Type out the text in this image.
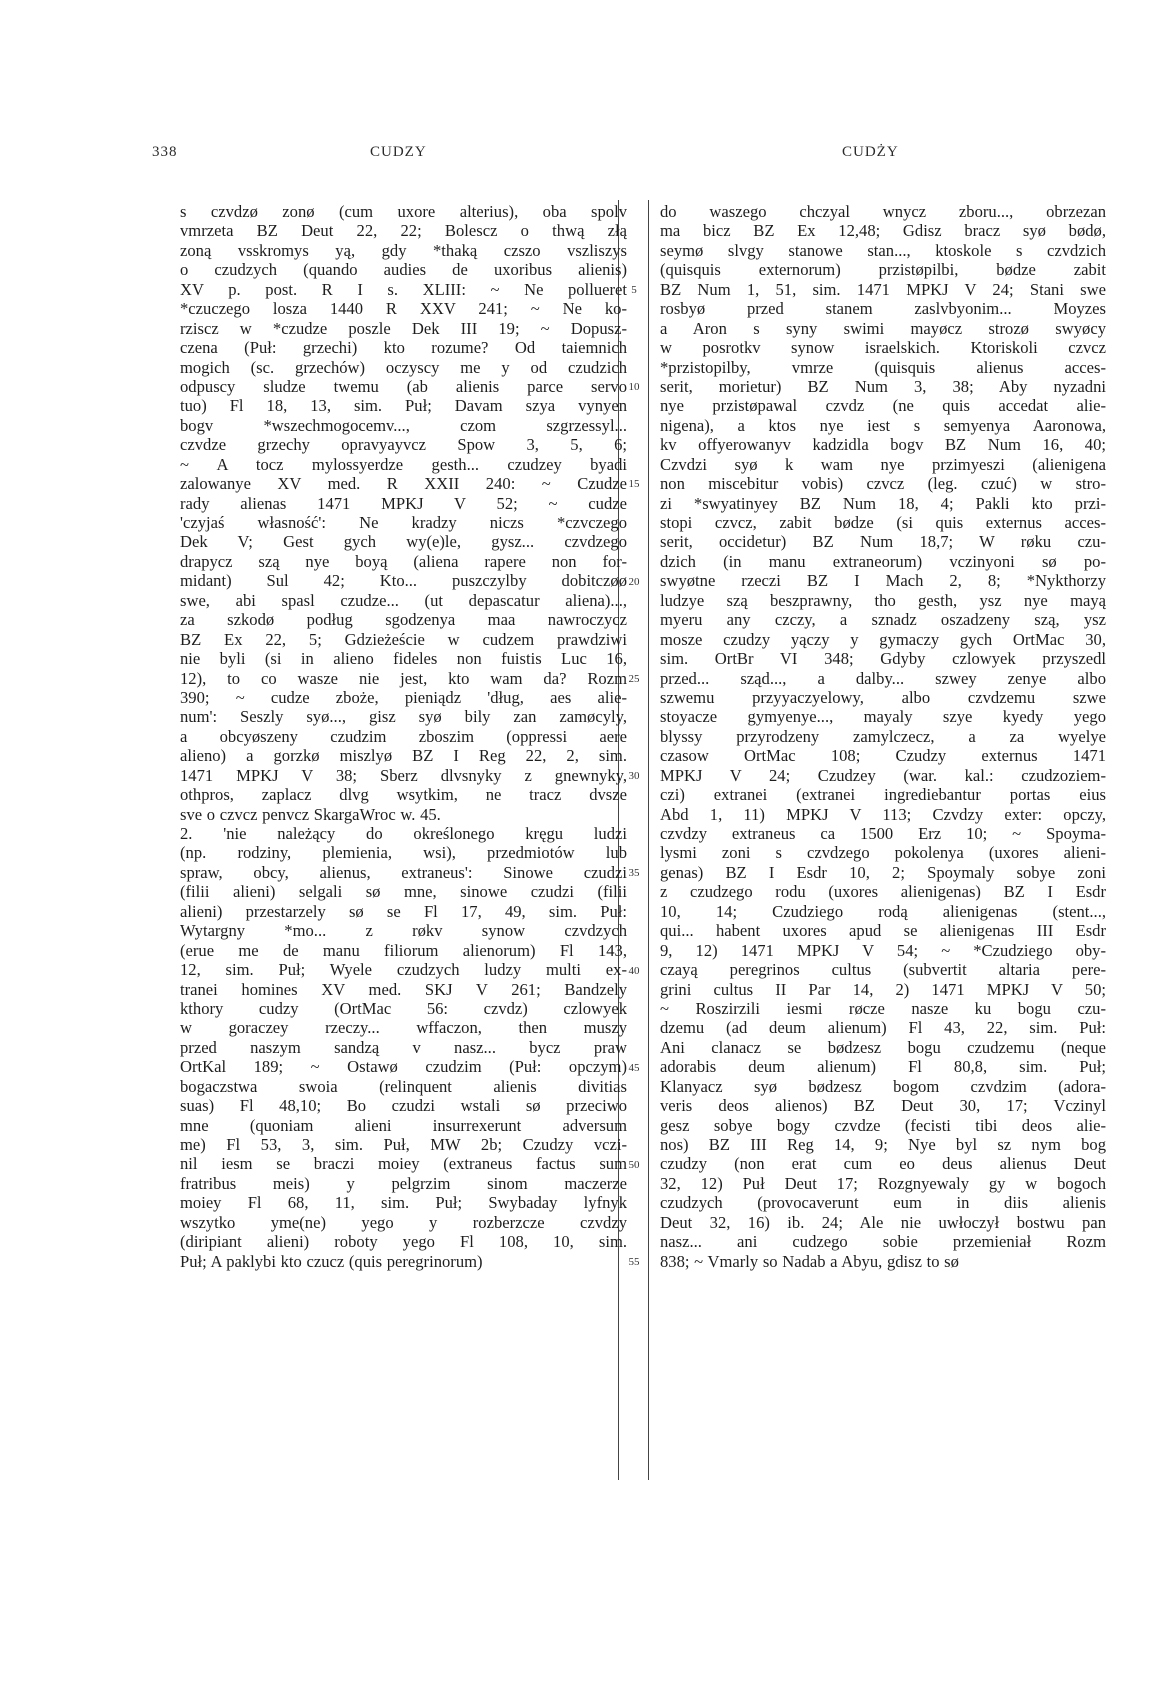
338	CUDZY	CUDŻY
5
10
15
20
25
30
35
40
45
50
55
s czvdzø zonø (cum uxore alterius), oba spolv
vmrzeta BZ Deut 22, 22; Bolescz o thwą złą
zoną vsskromys yą, gdy *thaką czszo vszliszys
o czudzych (quando audies de uxoribus alienis)
XV p. post. R I s. XLIII: ~ Ne pollueret
*czuczego losza 1440 R XXV 241; ~ Ne ko-
rziscz w *czudze poszle Dek III 19; ~ Dopusz-
czena (Puł: grzechi) kto rozume? Od taiemnich
mogich (sc. grzechów) oczyscy me y od czudzich
odpuscy sludze twemu (ab alienis parce servo
tuo) Fl 18, 13, sim. Puł; Davam szya vynyen
bogv *wszechmogocemv..., czom szgrzessyl...
czvdze grzechy opravyayvcz Spow 3, 5, 6;
~ A tocz mylossyerdze gesth... czudzey byadi
zalowanye XV med. R XXII 240: ~ Czudze
rady alienas 1471 MPKJ V 52; ~ cudze
'czyjaś własność': Ne kradzy niczs *czvczego
Dek V; Gest gych wy(e)le, gysz... czvdzego
drapycz szą nye boyą (aliena rapere non for-
midant) Sul 42; Kto... puszczylby dobitczøø
swe, abi spasl czudze... (ut depascatur aliena)...,
za szkodø podług sgodzenya maa nawroczycz
BZ Ex 22, 5; Gdzieżeście w cudzem prawdziwi
nie byli (si in alieno fideles non fuistis Luc 16,
12), to co wasze nie jest, kto wam da? Rozm
390; ~ cudze zboże, pieniądz 'dług, aes alie-
num': Seszly syø..., gisz syø bily zan zamøcyly,
a obcyøszeny czudzim zboszim (oppressi aere
alieno) a gorzkø miszlyø BZ I Reg 22, 2, sim.
1471 MPKJ V 38; Sberz dlvsnyky z gnewnyky,
othpros, zaplacz dlvg wsytkim, ne tracz dvsze
sve o czvcz penvcz SkargaWroc w. 45.
2. 'nie należący do określonego kręgu ludzi
(np. rodziny, plemienia, wsi), przedmiotów lub
spraw, obcy, alienus, extraneus': Sinowe czudzi
(filii alieni) selgali sø mne, sinowe czudzi (filii
alieni) przestarzely sø se Fl 17, 49, sim. Puł:
Wytargny *mo... z røkv synow czvdzych
(erue me de manu filiorum alienorum) Fl 143,
12, sim. Puł; Wyele czudzych ludzy multi ex-
tranei homines XV med. SKJ V 261; Bandzely
kthory cudzy (OrtMac 56: czvdz) czlowyek
w goraczey rzeczy... wffaczon, then muszy
przed naszym sandzą v nasz... bycz praw
OrtKal 189; ~ Ostawø czudzim (Puł: opczym)
bogaczstwa swoia (relinquent alienis divitias
suas) Fl 48,10; Bo czudzi wstali sø przeciwo
mne (quoniam alieni insurrexerunt adversum
me) Fl 53, 3, sim. Puł, MW 2b; Czudzy vczi-
nil iesm se braczi moiey (extraneus factus sum
fratribus meis) y pelgrzim sinom maczerze
moiey Fl 68, 11, sim. Puł; Swybaday lyfnyk
wszytko yme(ne) yego y rozberzcze czvdzy
(diripiant alieni) roboty yego Fl 108, 10, sim.
Puł; A paklybi kto czucz (quis peregrinorum)
do waszego chczyal wnycz zboru..., obrzezan
ma bicz BZ Ex 12,48; Gdisz bracz syø bødø,
seymø slvgy stanowe stan..., ktoskole s czvdzich
(quisquis externorum) przistøpilbi, bødze zabit
BZ Num 1, 51, sim. 1471 MPKJ V 24; Stani swe
rosbyø przed stanem zaslvbyonim... Moyzes
a Aron s syny swimi mayøcz strozø swyøcy
w posrotkv synow israelskich. Ktoriskoli czvcz
*przistopilby, vmrze (quisquis alienus acces-
serit, morietur) BZ Num 3, 38; Aby nyzadni
nye przistøpawal czvdz (ne quis accedat alie-
nigena), a ktos nye iest s semyenya Aaronowa,
kv offyerowanyv kadzidla bogv BZ Num 16, 40;
Czvdzi syø k wam nye przimyeszi (alienigena
non miscebitur vobis) czvcz (leg. czuć) w stro-
zi *swyatinyey BZ Num 18, 4; Pakli kto przi-
stopi czvcz, zabit bødze (si quis externus acces-
serit, occidetur) BZ Num 18,7; W røku czu-
dzich (in manu extraneorum) vczinyoni sø po-
swyøtne rzeczi BZ I Mach 2, 8; *Nykthorzy
ludzye szą beszprawny, tho gesth, ysz nye mayą
myeru any czczy, a sznadz oszadzeny szą, ysz
mosze czudzy yączy y gymaczy gych OrtMac 30,
sim. OrtBr VI 348; Gdyby czlowyek przyszedl
przed... sząd..., a dalby... szwey zenye albo
szwemu przyyaczyelowy, albo czvdzemu szwe
stoyacze gymyenye..., mayaly szye kyedy yego
blyssy przyrodzeny zamylczecz, a za wyelye
czasow OrtMac 108; Czudzy externus 1471
MPKJ V 24; Czudzey (war. kal.: czudzoziem-
czi) extranei (extranei ingrediebantur portas eius
Abd 1, 11) MPKJ V 113; Czvdzy exter: opczy,
czvdzy extraneus ca 1500 Erz 10; ~ Spoyma-
lysmi zoni s czvdzego pokolenya (uxores alieni-
genas) BZ I Esdr 10, 2; Spoymaly sobye zoni
z czudzego rodu (uxores alienigenas) BZ I Esdr
10, 14; Czudziego rodą alienigenas (stent...,
qui... habent uxores apud se alienigenas III Esdr
9, 12) 1471 MPKJ V 54; ~ *Czudziego oby-
czayą peregrinos cultus (subvertit altaria pere-
grini cultus II Par 14, 2) 1471 MPKJ V 50;
~ Roszirzili iesmi røcze nasze ku bogu czu-
dzemu (ad deum alienum) Fl 43, 22, sim. Puł:
Ani clanacz se bødzesz bogu czudzemu (neque
adorabis deum alienum) Fl 80,8, sim. Puł;
Klanyacz syø bødzesz bogom czvdzim (adora-
veris deos alienos) BZ Deut 30, 17; Vczinyl
gesz sobye bogy czvdze (fecisti tibi deos alie-
nos) BZ III Reg 14, 9; Nye byl sz nym bog
czudzy (non erat cum eo deus alienus Deut
32, 12) Puł Deut 17; Rozgnyewaly gy w bogoch
czudzych (provocaverunt eum in diis alienis
Deut 32, 16) ib. 24; Ale nie uwłoczył bostwu pan
nasz... ani cudzego sobie przemieniał Rozm
838; ~ Vmarly so Nadab a Abyu, gdisz to sø
